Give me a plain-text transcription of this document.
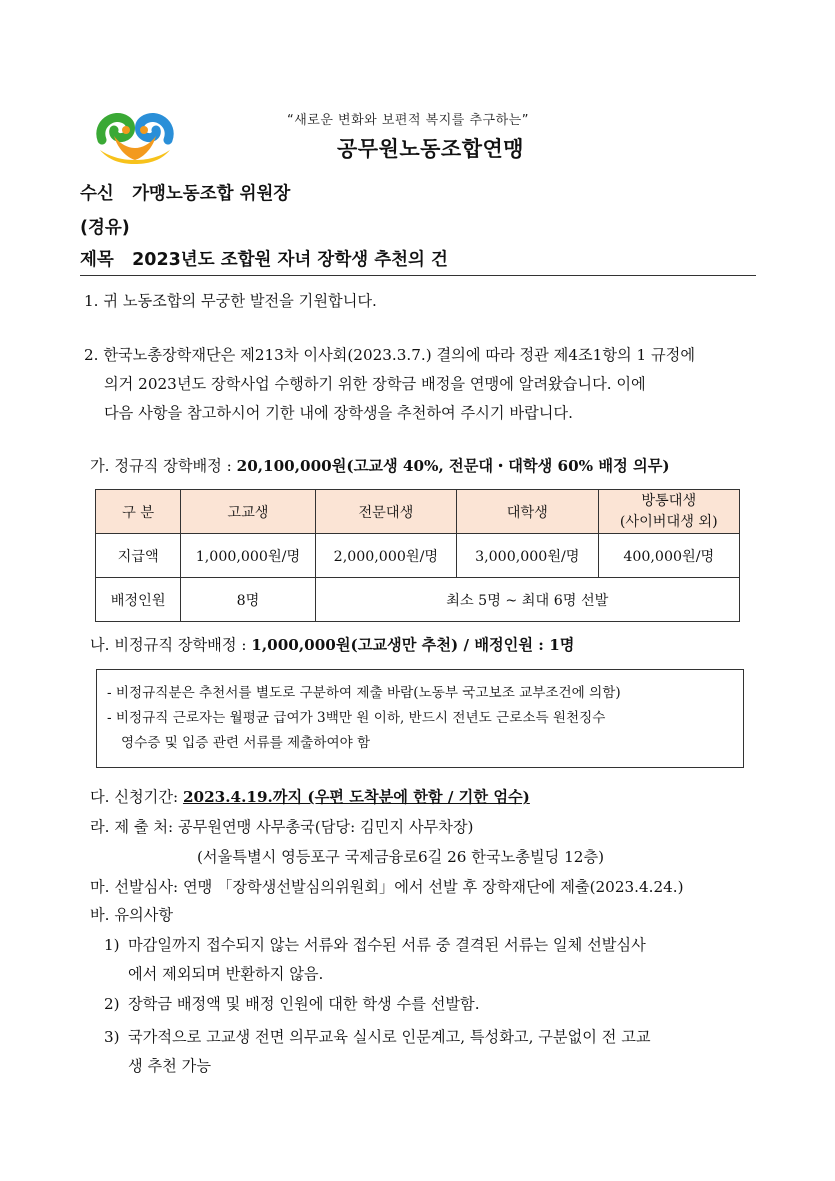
“새로운 변화와 보편적 복지를 추구하는”
공무원노동조합연맹
수신 가맹노동조합 위원장
(경유)
제목 2023년도 조합원 자녀 장학생 추천의 건
1. 귀 노동조합의 무궁한 발전을 기원합니다.
2. 한국노총장학재단은 제213차 이사회(2023.3.7.) 결의에 따라 정관 제4조1항의 1 규정에
의거 2023년도 장학사업 수행하기 위한 장학금 배정을 연맹에 알려왔습니다. 이에
다음 사항을 참고하시어 기한 내에 장학생을 추천하여 주시기 바랍니다.
가. 정규직 장학배정 : 20,100,000원(고교생 40%, 전문대・대학생 60% 배정 의무)
구 분	고교생	전문대생	대학생	방통대생
(사이버대생 외)

지급액	1,000,000원/명	2,000,000원/명	3,000,000원/명	400,000원/명
배정인원	8명	최소 5명 ~ 최대 6명 선발		
나. 비정규직 장학배정 : 1,000,000원(고교생만 추천) / 배정인원 : 1명
- 비정규직분은 추천서를 별도로 구분하여 제출 바람(노동부 국고보조 교부조건에 의함)
- 비정규직 근로자는 월평균 급여가 3백만 원 이하, 반드시 전년도 근로소득 원천징수
영수증 및 입증 관련 서류를 제출하여야 함
다. 신청기간: 2023.4.19.까지 (우편 도착분에 한함 / 기한 엄수)
라. 제 출 처: 공무원연맹 사무총국(담당: 김민지 사무차장)
(서울특별시 영등포구 국제금융로6길 26 한국노총빌딩 12층)
마. 선발심사: 연맹 「장학생선발심의위원회」에서 선발 후 장학재단에 제출(2023.4.24.)
바. 유의사항
1) 마감일까지 접수되지 않는 서류와 접수된 서류 중 결격된 서류는 일체 선발심사
에서 제외되며 반환하지 않음.
2) 장학금 배정액 및 배정 인원에 대한 학생 수를 선발함.
3) 국가적으로 고교생 전면 의무교육 실시로 인문계고, 특성화고, 구분없이 전 고교
생 추천 가능
